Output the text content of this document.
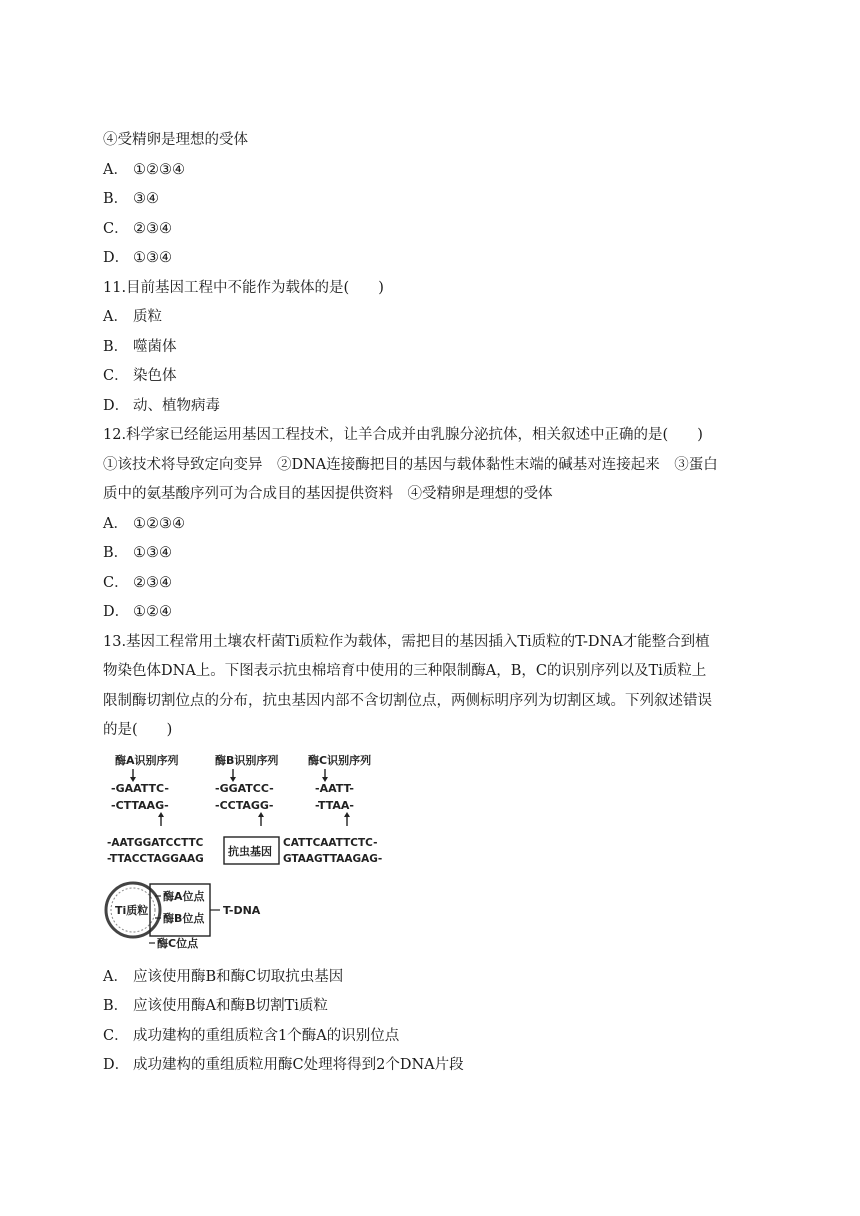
④受精卵是理想的受体
A． ①②③④
B． ③④
C． ②③④
D． ①③④
11.目前基因工程中不能作为载体的是(　　)
A． 质粒
B． 噬菌体
C． 染色体
D． 动、植物病毒
12.科学家已经能运用基因工程技术，让羊合成并由乳腺分泌抗体，相关叙述中正确的是(　　)
①该技术将导致定向变异　②DNA连接酶把目的基因与载体黏性末端的碱基对连接起来　③蛋白
质中的氨基酸序列可为合成目的基因提供资料　④受精卵是理想的受体
A． ①②③④
B． ①③④
C． ②③④
D． ①②④
13.基因工程常用土壤农杆菌Ti质粒作为载体，需把目的基因插入Ti质粒的T-DNA才能整合到植
物染色体DNA上。下图表示抗虫棉培育中使用的三种限制酶A，B，C的识别序列以及Ti质粒上
限制酶切割位点的分布，抗虫基因内部不含切割位点，两侧标明序列为切割区域。下列叙述错误
的是(　　)
酶A识别序列
-GAATTC-
-CTTAAG-
酶B识别序列
-GGATCC-
-CCTAGG-
酶C识别序列
-AATT-
-TTAA-
-AATGGATCCTTC
-TTACCTAGGAAG
抗虫基因
CATTCAATTCTC-
GTAAGTTAAGAG-
Ti质粒
酶A位点
酶B位点
T-DNA
酶C位点
A． 应该使用酶B和酶C切取抗虫基因
B． 应该使用酶A和酶B切割Ti质粒
C． 成功建构的重组质粒含1个酶A的识别位点
D． 成功建构的重组质粒用酶C处理将得到2个DNA片段
